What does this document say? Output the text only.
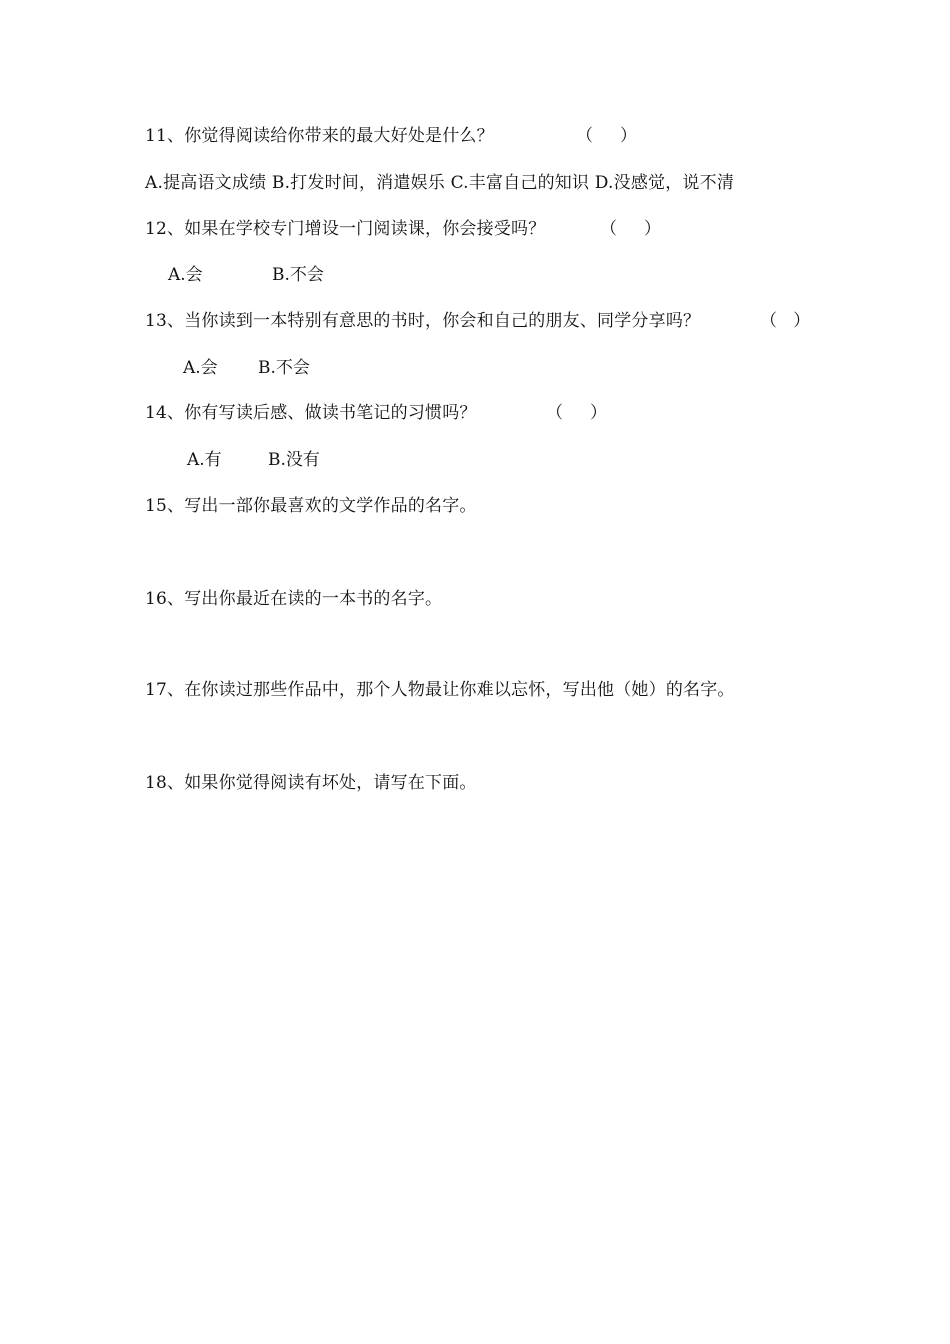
11、你觉得阅读给你带来的最大好处是什么？	（     ）
A.提高语文成绩 B.打发时间，消遣娱乐 C.丰富自己的知识 D.没感觉，说不清
12、如果在学校专门增设一门阅读课，你会接受吗？	（     ）
A.会	B.不会
13、当你读到一本特别有意思的书时，你会和自己的朋友、同学分享吗？	（   ）
A.会 B.不会
14、你有写读后感、做读书笔记的习惯吗？	（     ）
A.有	B.没有
15、写出一部你最喜欢的文学作品的名字。
16、写出你最近在读的一本书的名字。
17、在你读过那些作品中，那个人物最让你难以忘怀，写出他（她）的名字。
18、如果你觉得阅读有坏处，请写在下面。
